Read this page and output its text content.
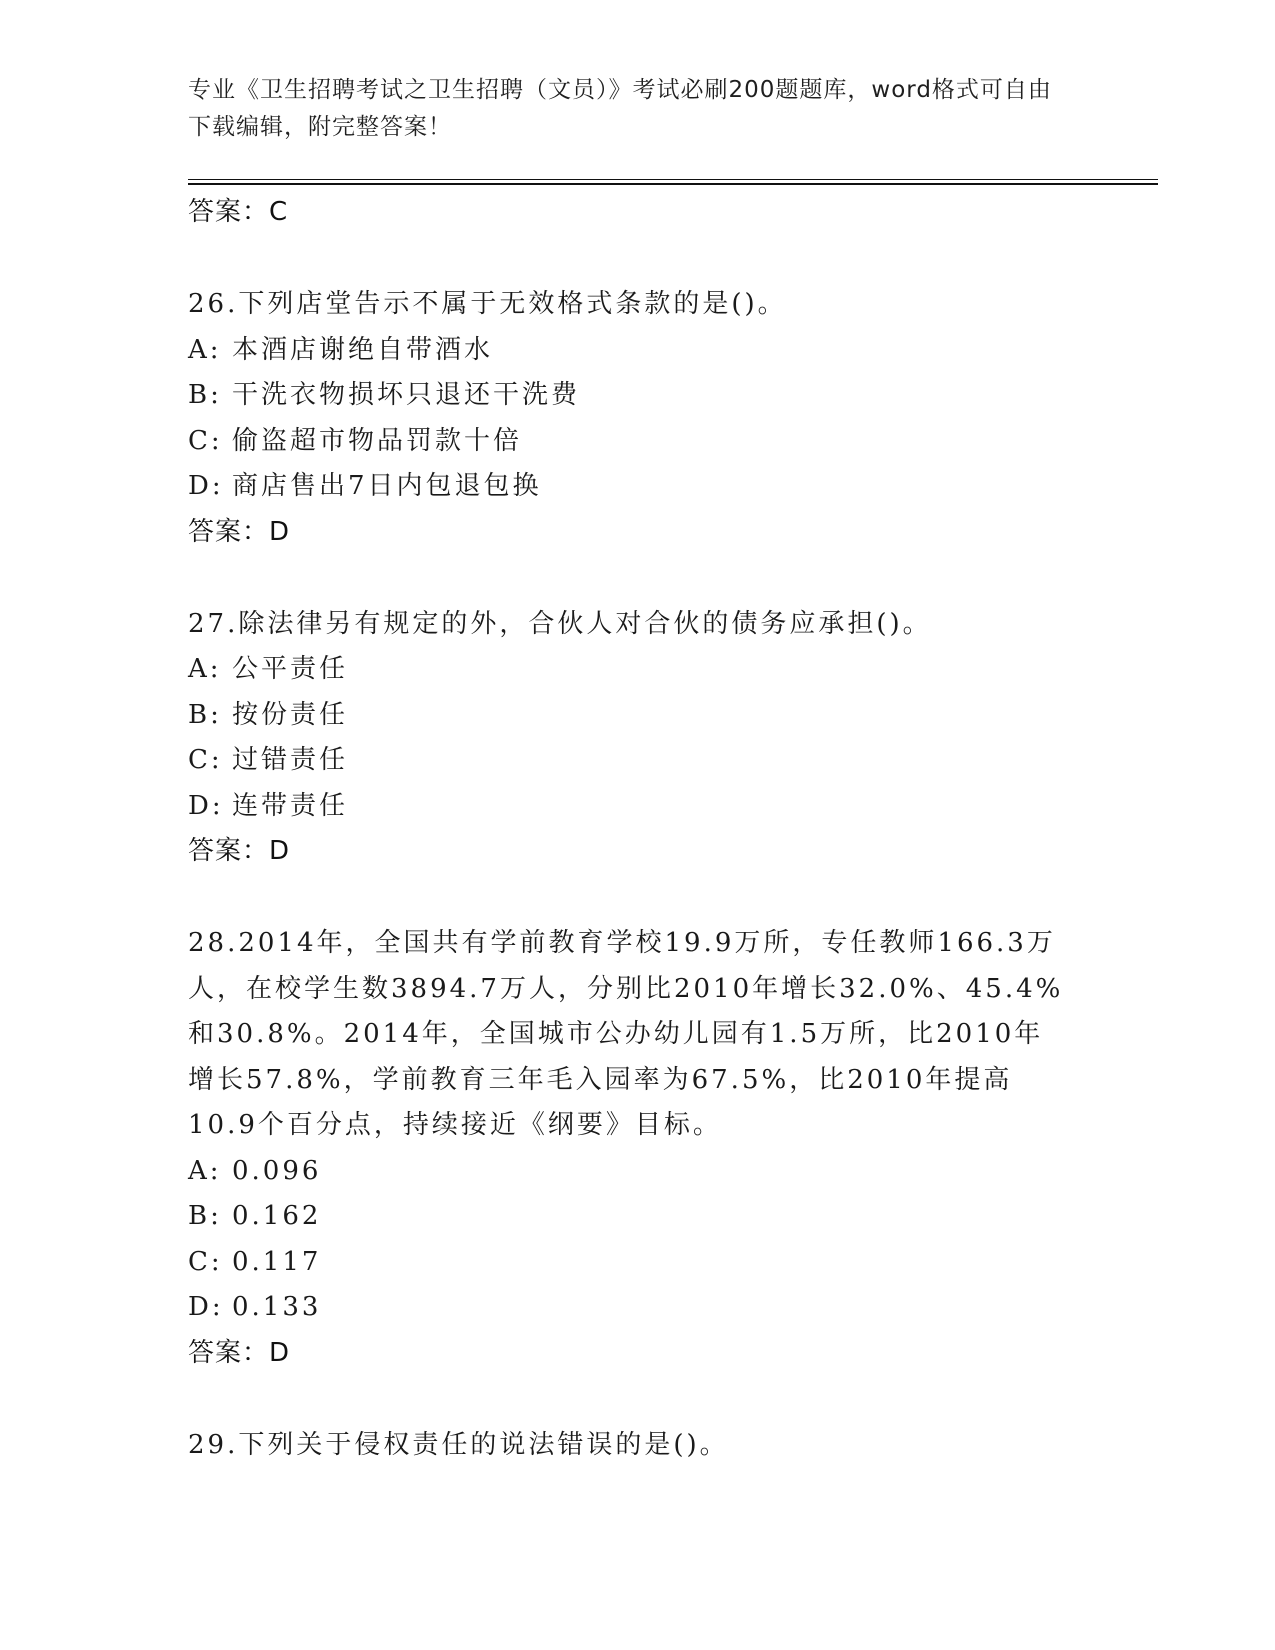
专业《卫生招聘考试之卫生招聘（文员）》考试必刷200题题库，word格式可自由下载编辑，附完整答案！
答案：C

26.下列店堂告示不属于无效格式条款的是()。

A: 本酒店谢绝自带酒水
B: 干洗衣物损坏只退还干洗费
C: 偷盗超市物品罚款十倍
D: 商店售出7日内包退包换
答案：D

27.除法律另有规定的外，合伙人对合伙的债务应承担()。

A: 公平责任
B: 按份责任
C: 过错责任
D: 连带责任
答案：D

28.2014年，全国共有学前教育学校19.9万所，专任教师166.3万人，在校学生数3894.7万人，分别比2010年增长32.0%、45.4%和30.8%。2014年，全国城市公办幼儿园有1.5万所，比2010年增长57.8%，学前教育三年毛入园率为67.5%，比2010年提高10.9个百分点，持续接近《纲要》目标。

A: 0.096
B: 0.162
C: 0.117
D: 0.133
答案：D

29.下列关于侵权责任的说法错误的是()。
